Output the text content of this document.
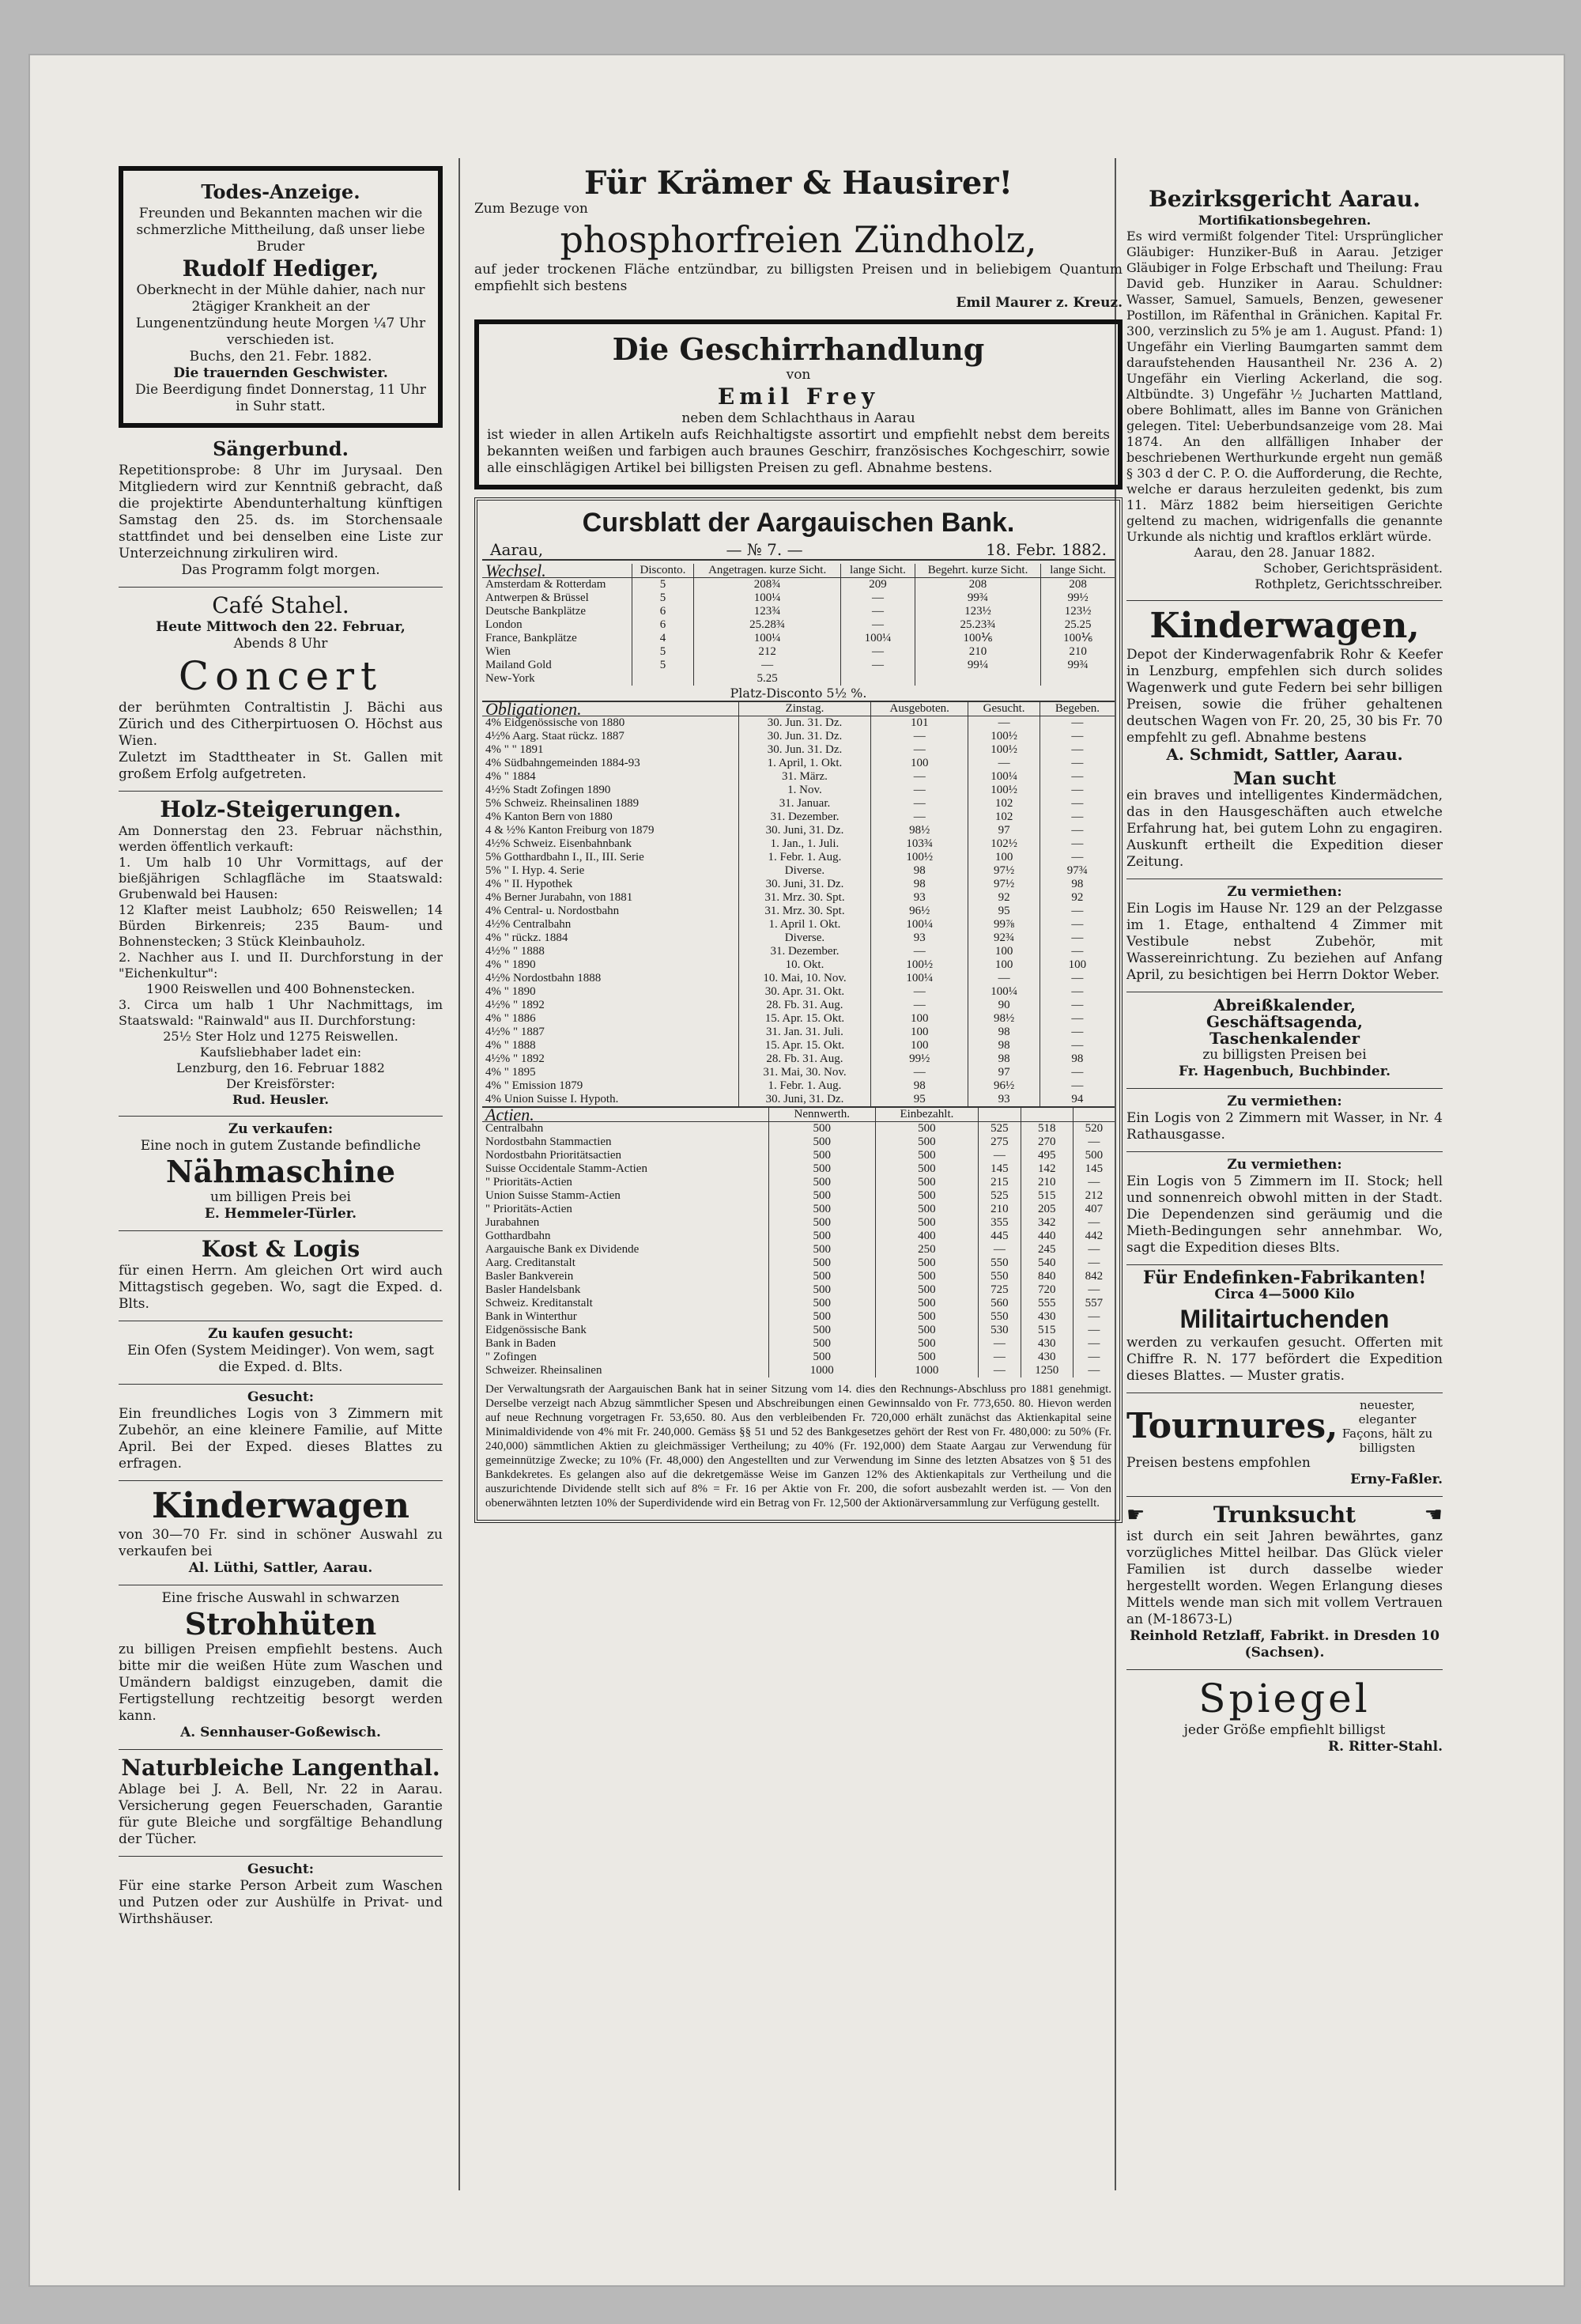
Todes-Anzeige.

Freunden und Bekannten machen wir die schmerzliche Mittheilung, daß unser liebe Bruder

Rudolf Hediger,

Oberknecht in der Mühle dahier, nach nur 2tägiger Krankheit an der Lungenentzündung heute Morgen ¼7 Uhr verschieden ist.

Buchs, den 21. Febr. 1882.

Die trauernden Geschwister.

Die Beerdigung findet Donnerstag, 11 Uhr in Suhr statt.

Sängerbund.

Repetitionsprobe: 8 Uhr im Jurysaal. Den Mitgliedern wird zur Kenntniß gebracht, daß die projektirte Abendunterhaltung künftigen Samstag den 25. ds. im Storchensaale stattfindet und bei denselben eine Liste zur Unterzeichnung zirkuliren wird.

Das Programm folgt morgen.

Café Stahel.

Heute Mittwoch den 22. Februar,

Abends 8 Uhr

Concert

der berühmten Contraltistin J. Bächi aus Zürich und des Citherpirtuosen O. Höchst aus Wien.

Zuletzt im Stadttheater in St. Gallen mit großem Erfolg aufgetreten.

Holz-Steigerungen.

Am Donnerstag den 23. Februar nächsthin, werden öffentlich verkauft:

1. Um halb 10 Uhr Vormittags, auf der bießjährigen Schlagfläche im Staatswald: Grubenwald bei Hausen:

12 Klafter meist Laubholz; 650 Reiswellen; 14 Bürden Birkenreis; 235 Baum- und Bohnenstecken; 3 Stück Kleinbauholz.

2. Nachher aus I. und II. Durchforstung in der "Eichenkultur":

1900 Reiswellen und 400 Bohnenstecken.

3. Circa um halb 1 Uhr Nachmittags, im Staatswald: "Rainwald" aus II. Durchforstung:

25½ Ster Holz und 1275 Reiswellen.

Kaufsliebhaber ladet ein:

Lenzburg, den 16. Februar 1882

Der Kreisförster:

Rud. Heusler.

Zu verkaufen:

Eine noch in gutem Zustande befindliche

Nähmaschine

um billigen Preis bei

E. Hemmeler-Türler.

Kost & Logis

für einen Herrn. Am gleichen Ort wird auch Mittagstisch gegeben. Wo, sagt die Exped. d. Blts.

Zu kaufen gesucht:

Ein Ofen (System Meidinger). Von wem, sagt die Exped. d. Blts.

Gesucht:

Ein freundliches Logis von 3 Zimmern mit Zubehör, an eine kleinere Familie, auf Mitte April. Bei der Exped. dieses Blattes zu erfragen.

Kinderwagen

von 30—70 Fr. sind in schöner Auswahl zu verkaufen bei

Al. Lüthi, Sattler, Aarau.

Eine frische Auswahl in schwarzen

Strohhüten

zu billigen Preisen empfiehlt bestens. Auch bitte mir die weißen Hüte zum Waschen und Umändern baldigst einzugeben, damit die Fertigstellung rechtzeitig besorgt werden kann.

A. Sennhauser-Goßewisch.

Naturbleiche Langenthal.

Ablage bei J. A. Bell, Nr. 22 in Aarau. Versicherung gegen Feuerschaden, Garantie für gute Bleiche und sorgfältige Behandlung der Tücher.

Gesucht:

Für eine starke Person Arbeit zum Waschen und Putzen oder zur Aushülfe in Privat- und Wirthshäuser.

Für Krämer & Hausirer!

Zum Bezuge von

phosphorfreien Zündholz,

auf jeder trockenen Fläche entzündbar, zu billigsten Preisen und in beliebigem Quantum empfiehlt sich bestens

Emil Maurer z. Kreuz.

Die Geschirrhandlung

von

Emil Frey

neben dem Schlachthaus in Aarau

ist wieder in allen Artikeln aufs Reichhaltigste assortirt und empfiehlt nebst dem bereits bekannten weißen und farbigen auch braunes Geschirr, französisches Kochgeschirr, sowie alle einschlägigen Artikel bei billigsten Preisen zu gefl. Abnahme bestens.

Cursblatt der Aargauischen Bank.
Aarau,	— № 7. —	18. Febr. 1882.
Wechsel.	Disconto.	Angetragen. kurze Sicht.	lange Sicht.	Begehrt. kurze Sicht.	lange Sicht.
Amsterdam & Rotterdam	5	208¾	209	208	208
Antwerpen & Brüssel	5	100¼	—	99¾	99½
Deutsche Bankplätze	6	123¾	—	123½	123½
London	6	25.28¾	—	25.23¾	25.25
France, Bankplätze	4	100¼	100¼	100⅙	100⅙
Wien	5	212	—	210	210
Mailand Gold	5	—	—	99¼	99¾
New-York		5.25			
Platz-Disconto 5½ %.
Obligationen.	Zinstag.	Ausgeboten.	Gesucht.	Begeben.
4% Eidgenössische von 1880	30. Jun. 31. Dz.	101	—	—
4½% Aarg. Staat rückz. 1887	30. Jun. 31. Dz.	—	100½	—
4% " " 1891	30. Jun. 31. Dz.	—	100½	—
4% Südbahngemeinden 1884-93	1. April, 1. Okt.	100	—	—
4% " 1884	31. März.	—	100¼	—
4½% Stadt Zofingen 1890	1. Nov.	—	100½	—
5% Schweiz. Rheinsalinen 1889	31. Januar.	—	102	—
4% Kanton Bern von 1880	31. Dezember.	—	102	—
4 & ½% Kanton Freiburg von 1879	30. Juni, 31. Dz.	98½	97	—
4½% Schweiz. Eisenbahnbank	1. Jan., 1. Juli.	103¾	102½	—
5% Gotthardbahn I., II., III. Serie	1. Febr. 1. Aug.	100½	100	—
5% " I. Hyp. 4. Serie	Diverse.	98	97½	97¾
4% " II. Hypothek	30. Juni, 31. Dz.	98	97½	98
4% Berner Jurabahn, von 1881	31. Mrz. 30. Spt.	93	92	92
4% Central- u. Nordostbahn	31. Mrz. 30. Spt.	96½	95	—
4½% Centralbahn	1. April 1. Okt.	100¼	99⅞	—
4% " rückz. 1884	Diverse.	93	92¾	—
4½% " 1888	31. Dezember.	—	100	—
4% " 1890	10. Okt.	100½	100	100
4½% Nordostbahn 1888	10. Mai, 10. Nov.	100¼	—	—
4% " 1890	30. Apr. 31. Okt.	—	100¼	—
4½% " 1892	28. Fb. 31. Aug.	—	90	—
4% " 1886	15. Apr. 15. Okt.	100	98½	—
4½% " 1887	31. Jan. 31. Juli.	100	98	—
4% " 1888	15. Apr. 15. Okt.	100	98	—
4½% " 1892	28. Fb. 31. Aug.	99½	98	98
4% " 1895	31. Mai, 30. Nov.	—	97	—
4% " Emission 1879	1. Febr. 1. Aug.	98	96½	—
4% Union Suisse I. Hypoth.	30. Juni, 31. Dz.	95	93	94
Actien.	Nennwerth.	Einbezahlt.			
Centralbahn	500	500	525	518	520
Nordostbahn Stammactien	500	500	275	270	—
Nordostbahn Prioritätsactien	500	500	—	495	500
Suisse Occidentale Stamm-Actien	500	500	145	142	145
" Prioritäts-Actien	500	500	215	210	—
Union Suisse Stamm-Actien	500	500	525	515	212
" Prioritäts-Actien	500	500	210	205	407
Jurabahnen	500	500	355	342	—
Gotthardbahn	500	400	445	440	442
Aargauische Bank ex Dividende	500	250	—	245	—
Aarg. Creditanstalt	500	500	550	540	—
Basler Bankverein	500	500	550	840	842
Basler Handelsbank	500	500	725	720	—
Schweiz. Kreditanstalt	500	500	560	555	557
Bank in Winterthur	500	500	550	430	—
Eidgenössische Bank	500	500	530	515	—
Bank in Baden	500	500	—	430	—
" Zofingen	500	500	—	430	—
Schweizer. Rheinsalinen	1000	1000	—	1250	—

Der Verwaltungsrath der Aargauischen Bank hat in seiner Sitzung vom 14. dies den Rechnungs-Abschluss pro 1881 genehmigt. Derselbe verzeigt nach Abzug sämmtlicher Spesen und Abschreibungen einen Gewinnsaldo von Fr. 773,650. 80. Hievon werden auf neue Rechnung vorgetragen Fr. 53,650. 80. Aus den verbleibenden Fr. 720,000 erhält zunächst das Aktienkapital seine Minimaldividende von 4% mit Fr. 240,000. Gemäss §§ 51 und 52 des Bankgesetzes gehört der Rest von Fr. 480,000: zu 50% (Fr. 240,000) sämmtlichen Aktien zu gleichmässiger Vertheilung; zu 40% (Fr. 192,000) dem Staate Aargau zur Verwendung für gemeinnützige Zwecke; zu 10% (Fr. 48,000) den Angestellten und zur Verwendung im Sinne des letzten Absatzes von § 51 des Bankdekretes. Es gelangen also auf die dekretgemässe Weise im Ganzen 12% des Aktienkapitals zur Vertheilung und die auszurichtende Dividende stellt sich auf 8% = Fr. 16 per Aktie von Fr. 200, die sofort ausbezahlt werden ist. — Von den obenerwähnten letzten 10% der Superdividende wird ein Betrag von Fr. 12,500 der Aktionärversammlung zur Verfügung gestellt.

Bezirksgericht Aarau.

Mortifikationsbegehren.

Es wird vermißt folgender Titel: Ursprünglicher Gläubiger: Hunziker-Buß in Aarau. Jetziger Gläubiger in Folge Erbschaft und Theilung: Frau David geb. Hunziker in Aarau. Schuldner: Wasser, Samuel, Samuels, Benzen, gewesener Postillon, im Räfenthal in Gränichen. Kapital Fr. 300, verzinslich zu 5% je am 1. August. Pfand: 1) Ungefähr ein Vierling Baumgarten sammt dem daraufstehenden Hausantheil Nr. 236 A. 2) Ungefähr ein Vierling Ackerland, die sog. Altbündte. 3) Ungefähr ½ Jucharten Mattland, obere Bohlimatt, alles im Banne von Gränichen gelegen. Titel: Ueberbundsanzeige vom 28. Mai 1874. An den allfälligen Inhaber der beschriebenen Werthurkunde ergeht nun gemäß § 303 d der C. P. O. die Aufforderung, die Rechte, welche er daraus herzuleiten gedenkt, bis zum 11. März 1882 beim hierseitigen Gerichte geltend zu machen, widrigenfalls die genannte Urkunde als nichtig und kraftlos erklärt würde.

Aarau, den 28. Januar 1882.

Schober, Gerichtspräsident.

Rothpletz, Gerichtsschreiber.

Kinderwagen,

Depot der Kinderwagenfabrik Rohr & Keefer in Lenzburg, empfehlen sich durch solides Wagenwerk und gute Federn bei sehr billigen Preisen, sowie die früher gehaltenen deutschen Wagen von Fr. 20, 25, 30 bis Fr. 70 empfehlt zu gefl. Abnahme bestens

A. Schmidt, Sattler, Aarau.

Man sucht

ein braves und intelligentes Kindermädchen, das in den Hausgeschäften auch etwelche Erfahrung hat, bei gutem Lohn zu engagiren. Auskunft ertheilt die Expedition dieser Zeitung.

Zu vermiethen:

Ein Logis im Hause Nr. 129 an der Pelzgasse im 1. Etage, enthaltend 4 Zimmer mit Vestibule nebst Zubehör, mit Wassereinrichtung. Zu beziehen auf Anfang April, zu besichtigen bei Herrn Doktor Weber.

Abreißkalender,

Geschäftsagenda,

Taschenkalender

zu billigsten Preisen bei

Fr. Hagenbuch, Buchbinder.

Zu vermiethen:

Ein Logis von 2 Zimmern mit Wasser, in Nr. 4 Rathausgasse.

Zu vermiethen:

Ein Logis von 5 Zimmern im II. Stock; hell und sonnenreich obwohl mitten in der Stadt. Die Dependenzen sind geräumig und die Mieth-Bedingungen sehr annehmbar. Wo, sagt die Expedition dieses Blts.

Für Endefinken-Fabrikanten!

Circa 4—5000 Kilo

Militairtuchenden

werden zu verkaufen gesucht. Offerten mit Chiffre R. N. 177 befördert die Expedition dieses Blattes. — Muster gratis.

Tournures,
neuester, eleganter Façons, hält zu billigsten

Preisen bestens empfohlen

Erny-Faßler.

☛	Trunksucht	☚

ist durch ein seit Jahren bewährtes, ganz vorzügliches Mittel heilbar. Das Glück vieler Familien ist durch dasselbe wieder hergestellt worden. Wegen Erlangung dieses Mittels wende man sich mit vollem Vertrauen an (M-18673-L)

Reinhold Retzlaff, Fabrikt. in Dresden 10 (Sachsen).

Spiegel

jeder Größe empfiehlt billigst

R. Ritter-Stahl.
